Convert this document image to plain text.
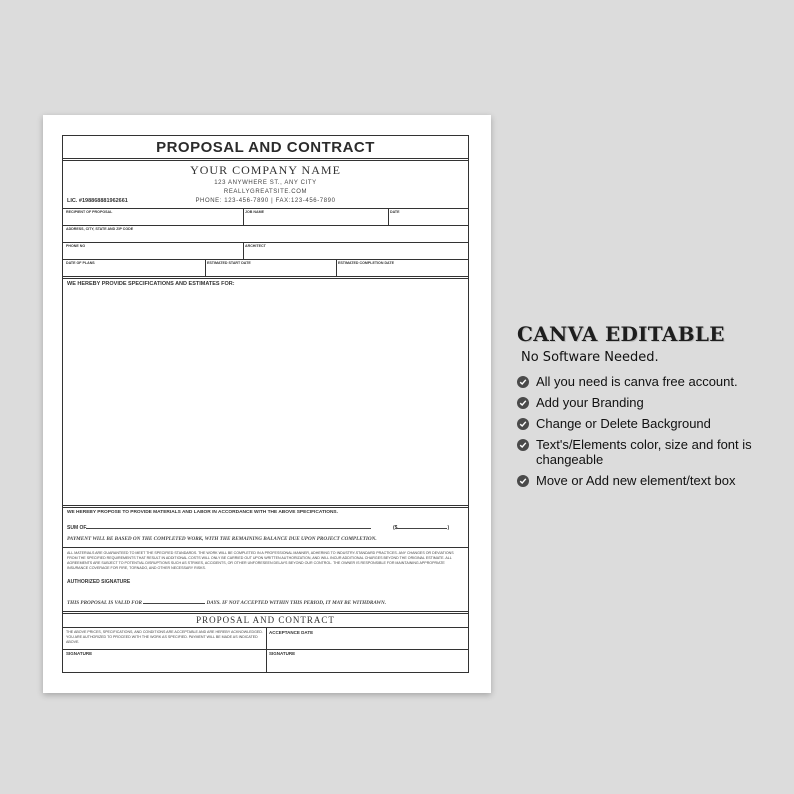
PROPOSAL AND CONTRACT
YOUR COMPANY NAME
123 ANYWHERE ST., ANY CITY
REALLYGREATSITE.COM
PHONE: 123-456-7890 | FAX:123-456-7890
LIC. #198868881962661
RECIPIENT OF PROPOSAL	JOB NAME	DATE
ADDRESS, CITY, STATE AND ZIP CODE
PHONE NO	ARCHITECT
DATE OF PLANS	ESTIMATED START DATE	ESTIMATED COMPLETION DATE
WE HEREBY PROVIDE SPECIFICATIONS AND ESTIMATES FOR:
WE HEREBY PROPOSE TO PROVIDE MATERIALS AND LABOR IN ACCORDANCE WITH THE ABOVE SPECIFICATIONS.
SUM OF	($	)
PAYMENT WILL BE BASED ON THE COMPLETED WORK, WITH THE REMAINING BALANCE DUE UPON PROJECT COMPLETION.
ALL MATERIALS ARE GUARANTEED TO MEET THE SPECIFIED STANDARDS. THE WORK WILL BE COMPLETED IN A PROFESSIONAL MANNER, ADHERING TO INDUSTRY-STANDARD PRACTICES. ANY CHANGES OR DEVIATIONS FROM THE SPECIFIED REQUIREMENTS THAT RESULT IN ADDITIONAL COSTS WILL ONLY BE CARRIED OUT UPON WRITTEN AUTHORIZATION, AND WILL INCUR ADDITIONAL CHARGES BEYOND THE ORIGINAL ESTIMATE. ALL AGREEMENTS ARE SUBJECT TO POTENTIAL DISRUPTIONS SUCH AS STRIKES, ACCIDENTS, OR OTHER UNFORESEEN DELAYS BEYOND OUR CONTROL. THE OWNER IS RESPONSIBLE FOR MAINTAINING APPROPRIATE INSURANCE COVERAGE FOR FIRE, TORNADO, AND OTHER NECESSARY RISKS.
AUTHORIZED SIGNATURE
THIS PROPOSAL IS VALID FOR	DAYS. IF NOT ACCEPTED WITHIN THIS PERIOD, IT MAY BE WITHDRAWN.
PROPOSAL AND CONTRACT
THE ABOVE PRICES, SPECIFICATIONS, AND CONDITIONS ARE ACCEPTABLE AND ARE HEREBY ACKNOWLEDGED. YOU ARE AUTHORIZED TO PROCEED WITH THE WORK AS SPECIFIED. PAYMENT WILL BE MADE AS INDICATED ABOVE.
ACCEPTANCE DATE
SIGNATURE	SIGNATURE
CANVA EDITABLE
No Software Needed.
All you need is canva free account.
Add your Branding
Change or Delete Background
Text's/Elements color, size and font is changeable
Move or Add new element/text box
